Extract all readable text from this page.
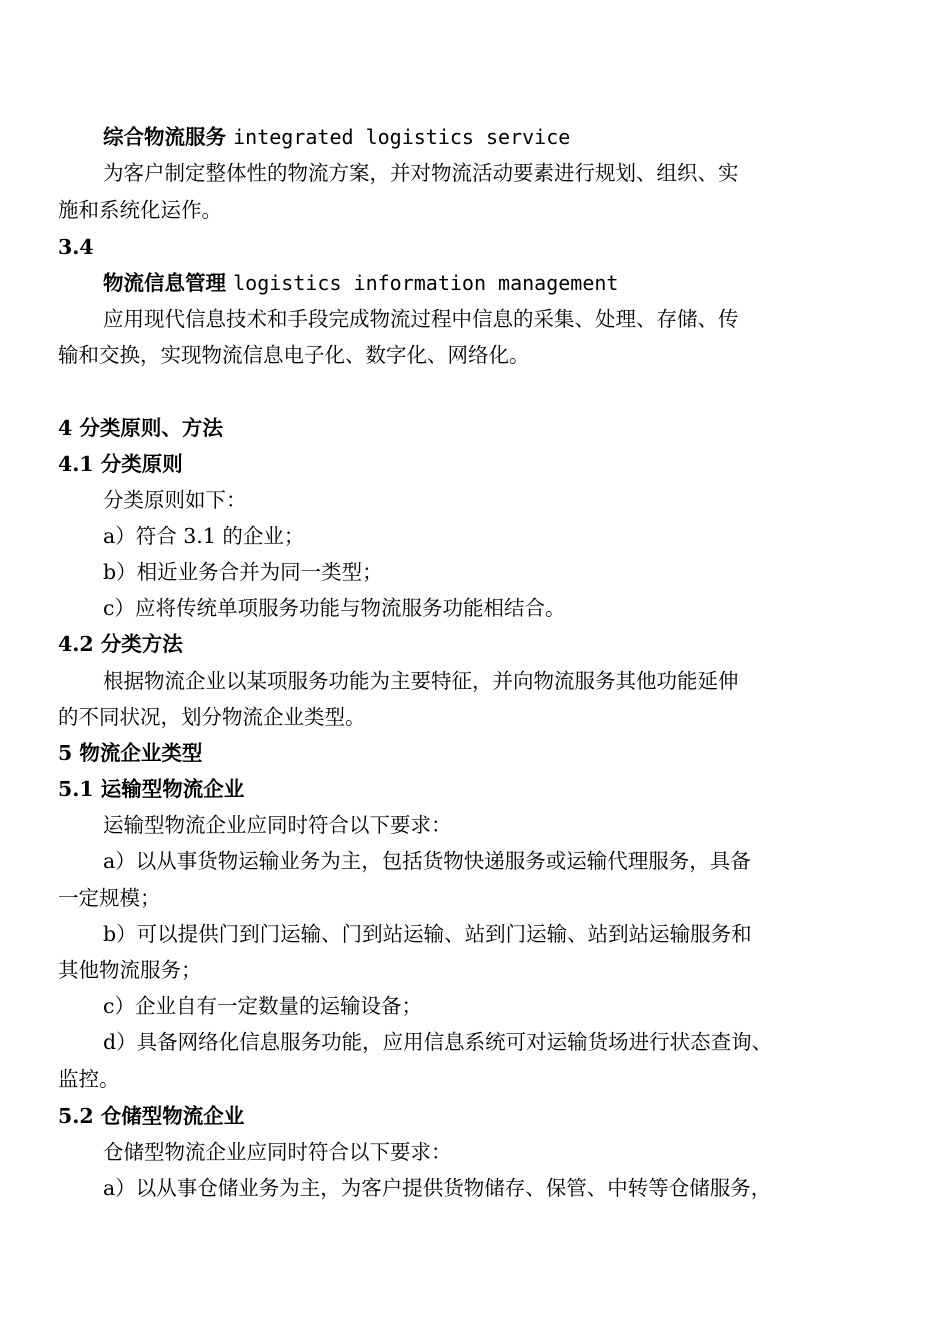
综合物流服务 integrated logistics service
为客户制定整体性的物流方案，并对物流活动要素进行规划、组织、实
施和系统化运作。
3.4
物流信息管理 logistics information management
应用现代信息技术和手段完成物流过程中信息的采集、处理、存储、传
输和交换，实现物流信息电子化、数字化、网络化。
4 分类原则、方法
4.1 分类原则
分类原则如下：
a）符合 3.1 的企业；
b）相近业务合并为同一类型；
c）应将传统单项服务功能与物流服务功能相结合。
4.2 分类方法
根据物流企业以某项服务功能为主要特征，并向物流服务其他功能延伸
的不同状况，划分物流企业类型。
5 物流企业类型
5.1 运输型物流企业
运输型物流企业应同时符合以下要求：
a）以从事货物运输业务为主，包括货物快递服务或运输代理服务，具备
一定规模；
b）可以提供门到门运输、门到站运输、站到门运输、站到站运输服务和
其他物流服务；
c）企业自有一定数量的运输设备；
d）具备网络化信息服务功能，应用信息系统可对运输货场进行状态查询、
监控。
5.2 仓储型物流企业
仓储型物流企业应同时符合以下要求：
a）以从事仓储业务为主，为客户提供货物储存、保管、中转等仓储服务，
